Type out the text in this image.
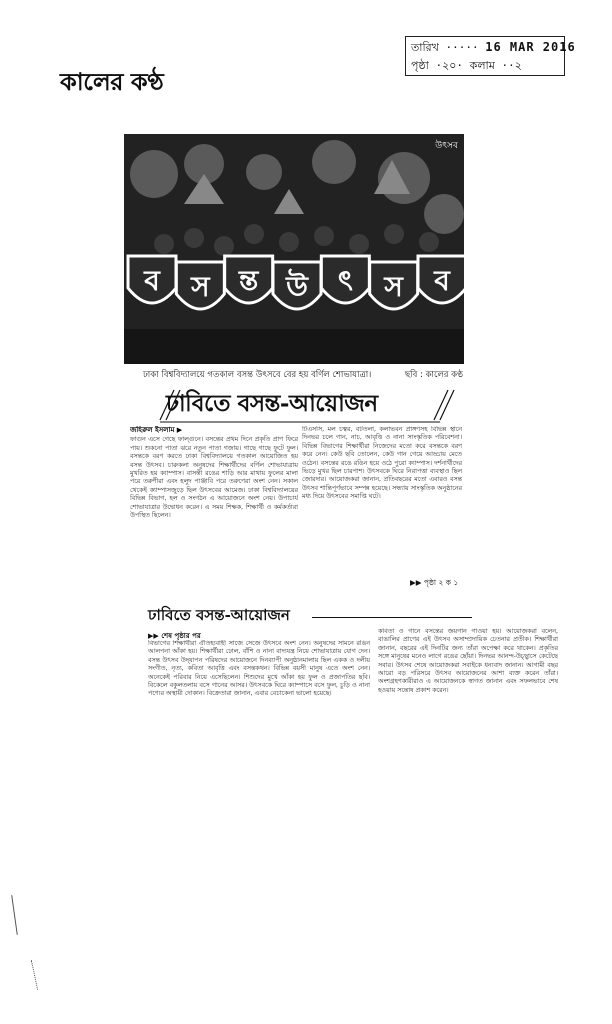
তারিখ ····· 16 MAR 2016
পৃষ্ঠা ·২০· কলাম ··২
কালের কণ্ঠ
ব স ন্ত উ ৎ স ব
উৎসব
ঢাকা বিশ্ববিদ্যালয়ে গতকাল বসন্ত উৎসবে বের হয় বর্ণিল শোভাযাত্রা।	ছবি : কালের কণ্ঠ
ঢাবিতে বসন্ত-আয়োজন
জহিরুল ইসলাম ▶
ফাগুন এসে গেছে ফাল্গুনে। বসন্তের প্রথম দিনে প্রকৃতি প্রাণ ফিরে পায়। শুকনো পাতা ঝরে নতুন পাতা গজায়। গাছে গাছে ফুটে ফুল। বসন্তকে বরণ করতে ঢাকা বিশ্ববিদ্যালয়ে গতকাল আয়োজিত হয় বসন্ত উৎসব। চারুকলা অনুষদের শিক্ষার্থীদের বর্ণিল শোভাযাত্রায় মুখরিত হয় ক্যাম্পাস। বাসন্তী রঙের শাড়ি আর মাথায় ফুলের মালা পরে তরুণীরা এবং হলুদ পাঞ্জাবি পরে তরুণেরা অংশ নেন। সকাল থেকেই ক্যাম্পাসজুড়ে ছিল উৎসবের আমেজ। ঢাকা বিশ্ববিদ্যালয়ের বিভিন্ন বিভাগ, হল ও সংগঠন এ আয়োজনে অংশ নেয়। উপাচার্য শোভাযাত্রার উদ্বোধন করেন। এ সময় শিক্ষক, শিক্ষার্থী ও কর্মকর্তারা উপস্থিত ছিলেন।
টিএসসি, মল চত্বর, বটতলা, কলাভবন প্রাঙ্গণসহ বিভিন্ন স্থানে দিনভর চলে গান, নাচ, আবৃত্তি ও নানা সাংস্কৃতিক পরিবেশনা। বিভিন্ন বিভাগের শিক্ষার্থীরা নিজেদের মতো করে বসন্তকে বরণ করে নেন। কেউ ছবি তোলেন, কেউ গান গেয়ে আড্ডায় মেতে ওঠেন। বসন্তের রঙে রঙিন হয়ে ওঠে পুরো ক্যাম্পাস। দর্শনার্থীদের ভিড়ে মুখর ছিল চারপাশ। উৎসবকে ঘিরে নিরাপত্তা ব্যবস্থাও ছিল জোরদার। আয়োজকরা জানান, প্রতিবছরের মতো এবারও বসন্ত উৎসব শান্তিপূর্ণভাবে সম্পন্ন হয়েছে। সন্ধ্যায় সাংস্কৃতিক অনুষ্ঠানের মধ্য দিয়ে উৎসবের সমাপ্তি ঘটে।
▶▶ পৃষ্ঠা ২ ক ১
ঢাবিতে বসন্ত-আয়োজন
▶▶ শেষ পৃষ্ঠার পর
বিভাগের শিক্ষার্থীরা ঐতিহ্যবাহী সাজে সেজে উৎসবে অংশ নেন। অনুষদের সামনে রঙিন আলপনা আঁকা হয়। শিক্ষার্থীরা ঢোল, বাঁশি ও নানা বাদ্যযন্ত্র নিয়ে শোভাযাত্রায় যোগ দেন। বসন্ত উৎসব উদ্‌যাপন পরিষদের আয়োজনে দিনব্যাপী অনুষ্ঠানমালায় ছিল একক ও দলীয় সংগীত, নৃত্য, কবিতা আবৃত্তি এবং বসন্তকথন। বিভিন্ন বয়সী মানুষ এতে অংশ নেন। অনেকেই পরিবার নিয়ে এসেছিলেন। শিশুদের মুখে আঁকা হয় ফুল ও প্রজাপতির ছবি। বিকেলে বকুলতলায় বসে গানের আসর। উৎসবকে ঘিরে ক্যাম্পাসে বসে ফুল, চুড়ি ও নানা পণ্যের অস্থায়ী দোকান। বিক্রেতারা জানান, এবার বেচাকেনা ভালো হয়েছে।
কবিতা ও গানে বসন্তের জয়গান গাওয়া হয়। আয়োজকরা বলেন, বাঙালির প্রাণের এই উৎসব অসাম্প্রদায়িক চেতনার প্রতীক। শিক্ষার্থীরা জানান, বছরের এই দিনটির জন্য তাঁরা অপেক্ষা করে থাকেন। প্রকৃতির সঙ্গে মানুষের মনেও লাগে রঙের ছোঁয়া। দিনভর আনন্দ-উচ্ছ্বাসে কেটেছে সবার। উৎসব শেষে আয়োজকরা সবাইকে ধন্যবাদ জানান। আগামী বছর আরো বড় পরিসরে উৎসব আয়োজনের আশা ব্যক্ত করেন তাঁরা। অংশগ্রহণকারীরাও এ আয়োজনকে স্বাগত জানান এবং সফলভাবে শেষ হওয়ায় সন্তোষ প্রকাশ করেন।
